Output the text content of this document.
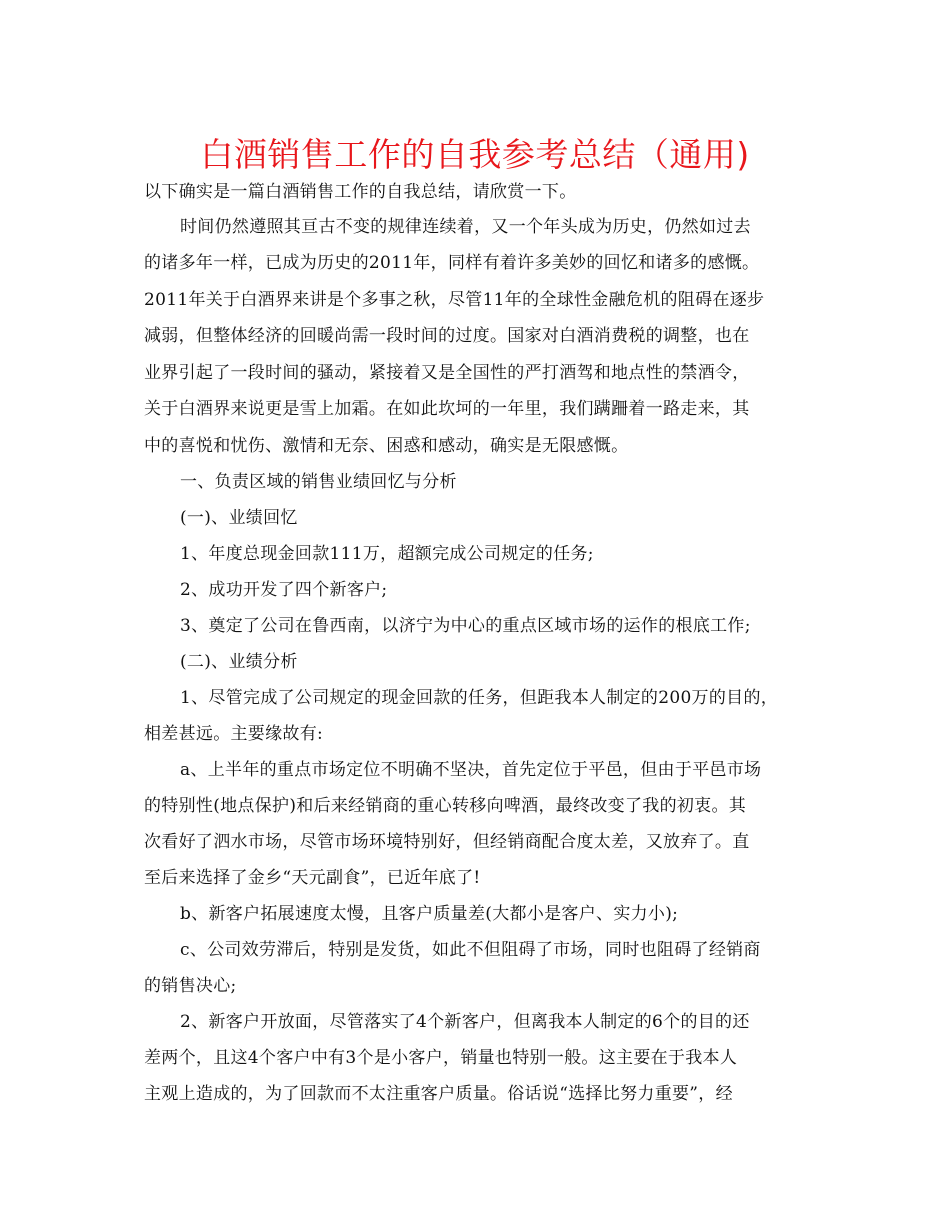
白酒销售工作的自我参考总结（通用)
以下确实是一篇白酒销售工作的自我总结，请欣赏一下。
时间仍然遵照其亘古不变的规律连续着，又一个年头成为历史，仍然如过去
的诸多年一样，已成为历史的2011年，同样有着许多美妙的回忆和诸多的感慨。
2011年关于白酒界来讲是个多事之秋，尽管11年的全球性金融危机的阻碍在逐步
减弱，但整体经济的回暖尚需一段时间的过度。国家对白酒消费税的调整，也在
业界引起了一段时间的骚动，紧接着又是全国性的严打酒驾和地点性的禁酒令，
关于白酒界来说更是雪上加霜。在如此坎坷的一年里，我们蹒跚着一路走来，其
中的喜悦和忧伤、激情和无奈、困惑和感动，确实是无限感慨。
一、负责区域的销售业绩回忆与分析
(一)、业绩回忆
1、年度总现金回款111万，超额完成公司规定的任务;
2、成功开发了四个新客户;
3、奠定了公司在鲁西南，以济宁为中心的重点区域市场的运作的根底工作;
(二)、业绩分析
1、尽管完成了公司规定的现金回款的任务，但距我本人制定的200万的目的，
相差甚远。主要缘故有:
a、上半年的重点市场定位不明确不坚决，首先定位于平邑，但由于平邑市场
的特别性(地点保护)和后来经销商的重心转移向啤酒，最终改变了我的初衷。其
次看好了泗水市场，尽管市场环境特别好，但经销商配合度太差，又放弃了。直
至后来选择了金乡“天元副食”，已近年底了!
b、新客户拓展速度太慢，且客户质量差(大都小是客户、实力小);
c、公司效劳滞后，特别是发货，如此不但阻碍了市场，同时也阻碍了经销商
的销售决心;
2、新客户开放面，尽管落实了4个新客户，但离我本人制定的6个的目的还
差两个，且这4个客户中有3个是小客户，销量也特别一般。这主要在于我本人
主观上造成的，为了回款而不太注重客户质量。俗话说“选择比努力重要”，经
